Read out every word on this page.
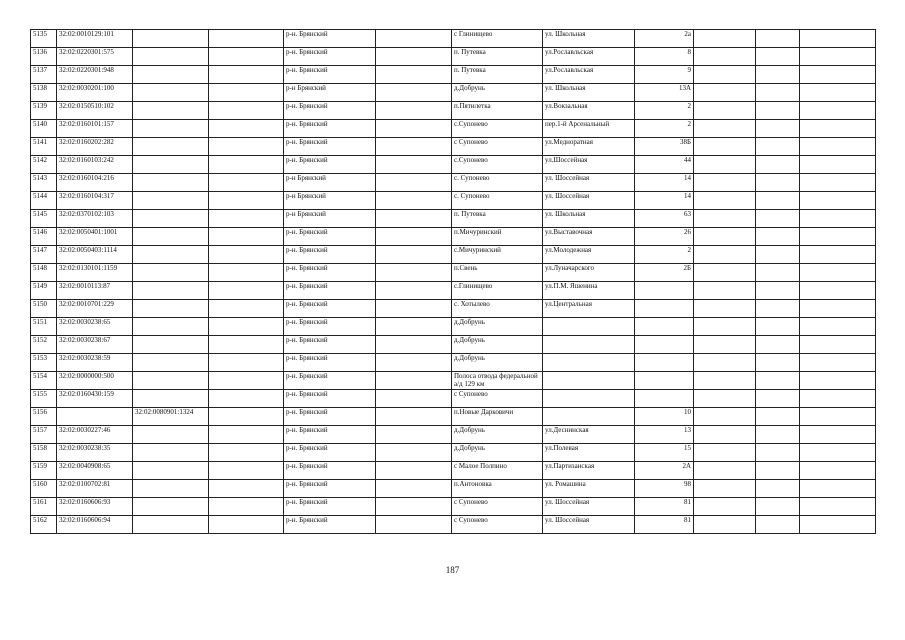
5135	32:02:0010129:101			р-н. Брянский		с Глинищево	ул. Школьная	2а			
5136	32:02:0220301:575			р-н. Брянский		п. Путевка	ул.Рославльская	8			
5137	32:02:0220301:948			р-н. Брянский		п. Путевка	ул.Рославльская	9			
5138	32:02:0030201:100			р-н Брянский		д.Добрунь	ул. Школьная	13А			
5139	32:02:0150510:102			р-н. Брянский		п.Пятилетка	ул.Вокзальная	2			
5140	32:02:0160101:157			р-н. Брянский		с.Супонево	пер.1-й Арсенальный	2			
5141	32:02:0160202:282			р-н. Брянский		с Супонево	ул.Медноратная	38Б			
5142	32:02:0160103:242			р-н. Брянский		с.Супонево	ул.Шоссейная	44			
5143	32:02:0160104:216			р-н Брянский		с. Супонево	ул. Шоссейная	14			
5144	32:02:0160104:317			р-н Брянский		с. Супонево	ул. Шоссейная	14			
5145	32:02:0370102:103			р-н Брянский		п. Путевка	ул. Школьная	63			
5146	32:02:0050401:1001			р-н. Брянский		п.Мичуринский	ул.Выставочная	26			
5147	32:02:0050403:1114			р-н. Брянский		с.Мичуринский	ул.Молодежная	2			
5148	32:02:0130101:1159			р-н. Брянский		п.Свень	ул.Луначарского	2Б			
5149	32:02:0010113:87			р-н. Брянский		с.Глинищево	ул.П.М. Яшенина				
5150	32:02:0010701:229			р-н. Брянский		с. Хотылево	ул.Центральная				
5151	32:02:0030238:65			р-н. Брянский		д.Добрунь					
5152	32:02:0030238:67			р-н. Брянский		д.Добрунь					
5153	32:02:0030238:59			р-н. Брянский		д.Добрунь					
5154	32:02:0000000:500			р-н. Брянский		Полоса отвода федеральной а/д 129 км					
5155	32:02:0160430:159			р-н. Брянский		с Супонево					
5156		32:02:0080901:1324		р-н. Брянский		п.Новые Дарковичи		10			
5157	32:02:0030227:46			р-н. Брянский		д.Добрунь	ул.Деснинская	13			
5158	32:02:0030238:35			р-н. Брянский		д.Добрунь	ул.Полевая	15			
5159	32:02:0040908:65			р-н. Брянский		с Малое Полпино	ул.Партизанская	2А			
5160	32:02:0100702:81			р-н. Брянский		п.Антоновка	ул. Ромашина	98			
5161	32:02:0160606:93			р-н. Брянский		с Супонево	ул. Шоссейная	81			
5162	32:02:0160606:94			р-н. Брянский		с Супонево	ул. Шоссейная	81			
187
